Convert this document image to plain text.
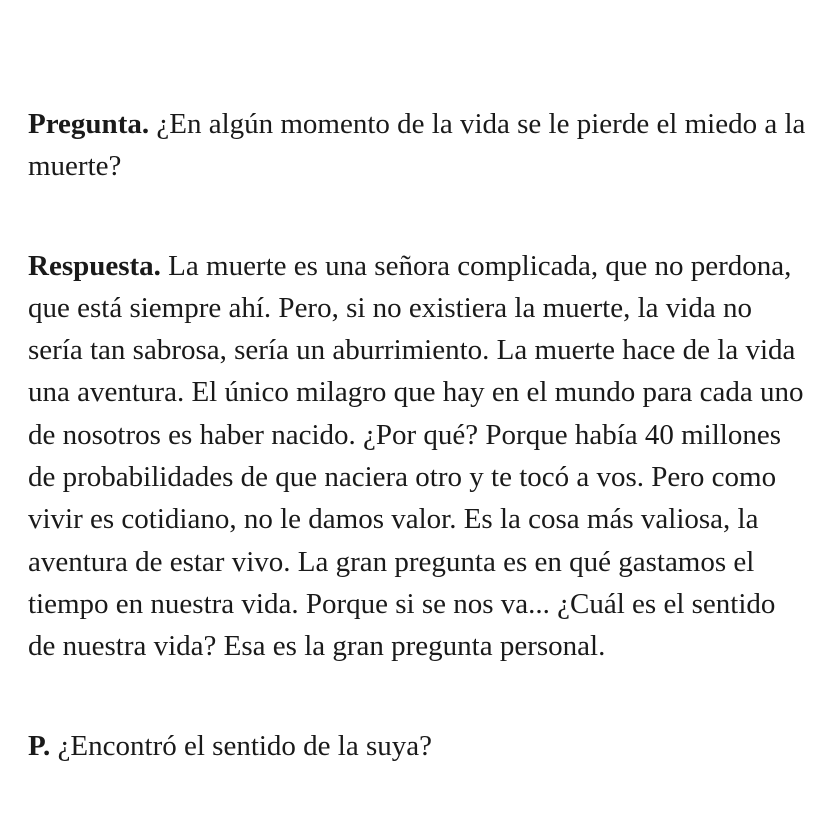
Pregunta. ¿En algún momento de la vida se le pierde el miedo a la muerte?

Respuesta. La muerte es una señora complicada, que no perdona, que está siempre ahí. Pero, si no existiera la muerte, la vida no sería tan sabrosa, sería un aburrimiento. La muerte hace de la vida una aventura. El único milagro que hay en el mundo para cada uno de nosotros es haber nacido. ¿Por qué? Porque había 40 millones de probabilidades de que naciera otro y te tocó a vos. Pero como vivir es cotidiano, no le damos valor. Es la cosa más valiosa, la aventura de estar vivo. La gran pregunta es en qué gastamos el tiempo en nuestra vida. Porque si se nos va... ¿Cuál es el sentido de nuestra vida? Esa es la gran pregunta personal.

P. ¿Encontró el sentido de la suya?
